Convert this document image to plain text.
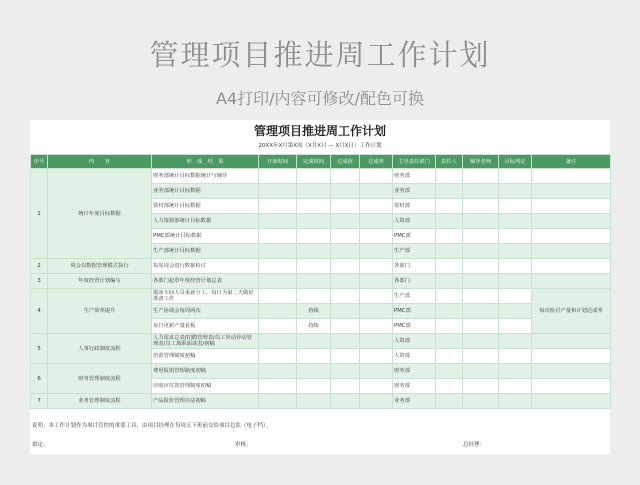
管理项目推进周工作计划
A4打印/内容可修改/配色可换
管理项目推进周工作计划
20XX年X月第X周（X月X日 — X月X日）工作计划
序号	内　　容	形　成　结　果	开始时间	完成时间	达成值	达成率	主导责任部门	责任人	辅导老师	目标判定	备注
1	统计年度目标数据	财务部统计目标数据统计与辅导					财务部				
		业务部统计目标数据					业务部				
		资材部统计目标数据					资材部				
		人力资源部统计目标数据					人资部				
		PMC部统计目标数据					PMC部				
		生产部统计目标数据					生产部				
2	周会以数据管理模式执行	每周周会进行数据检讨					各部门				
3	年度经营计划编写	各部门起草年度经营计划总表					各部门				
4	生产效率提升	锻冰车间人员重新分工，每日为第二天做好准备工作					生产部				每次检讨产量和计划达成率
		生产协调会每周两次		持续			PMC部				
		每日更新产量看板		持续			PMC部				
5	人事行政制度流程	人力需求总表/招聘管理表/员工异动异动管理表/员工离职面谈表/初稿					人资部				
		培训管理制度初稿					人资部				
6	财务管理制度流程	费用报销管理制度初稿					财务部				
		应收应付款管理制度初稿					财务部				
7	业务管理制度流程	产品报价管理办法初稿					业务部				
说明：本工作计划作为项目管控的重要工具，由项目经理在每周五下班前交给项目总监（电子档）。
拟定：	审核：	总经理：
